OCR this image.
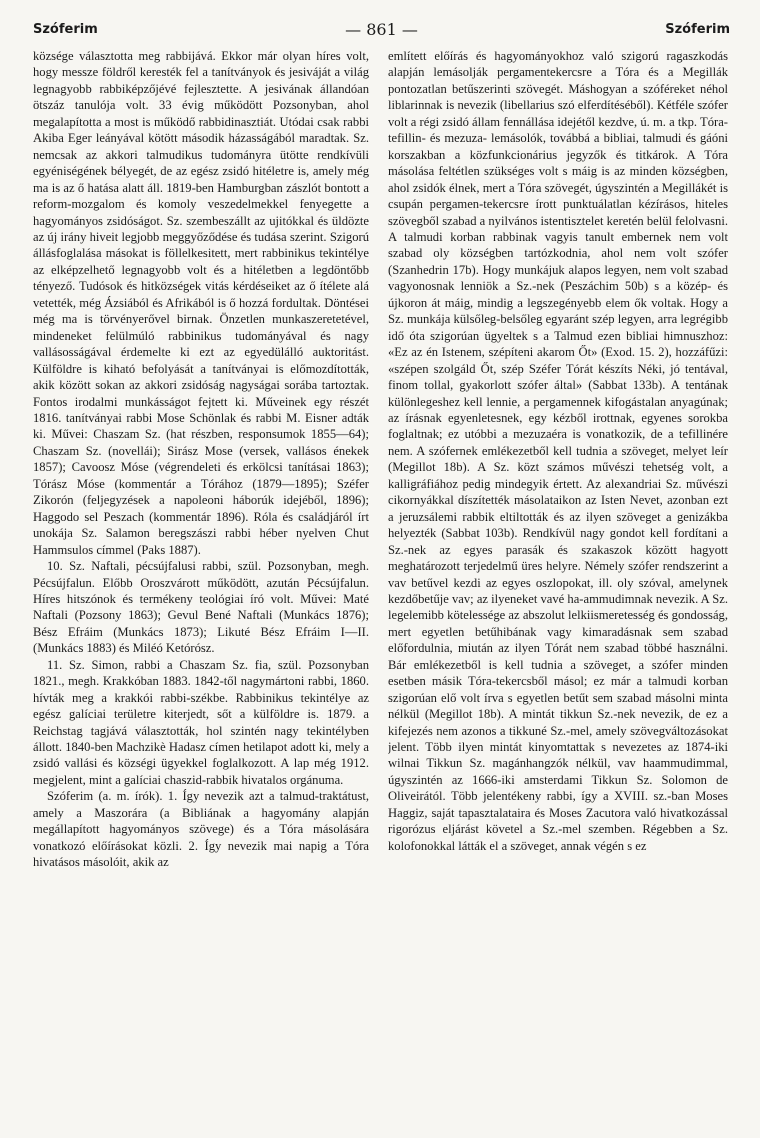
Szóferim	— 861 —	Szóferim

községe választotta meg rabbijává. Ekkor már olyan híres volt, hogy messze földről keresték fel a tanítványok és jesiváját a világ legnagyobb rabbiképzőjévé fejlesztette. A jesivának állandóan ötszáz tanulója volt. 33 évig működött Pozsonyban, ahol megalapította a most is működő rabbidinasztiát. Utódai csak rabbi Akiba Eger leányával kötött második házasságából maradtak. Sz. nemcsak az akkori talmudikus tudományra ütötte rendkívüli egyéniségének bélyegét, de az egész zsidó hitéletre is, amely még ma is az ő hatása alatt áll. 1819-ben Hamburgban zászlót bontott a reform-mozgalom és komoly veszedelmekkel fenyegette a hagyományos zsidóságot. Sz. szembeszállt az ujitókkal és üldözte az új irány hiveit legjobb meggyőződése és tudása szerint. Szigorú állásfoglalása másokat is föllelkesitett, mert rabbinikus tekintélye az elképzelhető legnagyobb volt és a hitéletben a legdöntőbb tényező. Tudósok és hitközségek vitás kérdéseiket az ő ítélete alá vetették, még Ázsiából és Afrikából is ő hozzá fordultak. Döntései még ma is törvényerővel birnak. Önzetlen munkaszeretetével, mindeneket felülmúló rabbinikus tudományával és nagy vallásosságával érdemelte ki ezt az egyedülálló auktoritást. Külföldre is kiható befolyását a tanítványai is előmozdították, akik között sokan az akkori zsidóság nagyságai sorába tartoztak. Fontos irodalmi munkásságot fejtett ki. Műveinek egy részét 1816. tanítványai rabbi Mose Schönlak és rabbi M. Eisner adták ki. Művei: Chaszam Sz. (hat részben, responsumok 1855—64); Chaszam Sz. (novellái); Sirász Mose (versek, vallásos énekek 1857); Cavoosz Móse (végrendeleti és erkölcsi tanításai 1863); Tórász Móse (kommentár a Tórához (1879—1895); Széfer Zikorón (feljegyzések a napoleoni háborúk idejéből, 1896); Haggodo sel Peszach (kommentár 1896). Róla és családjáról írt unokája Sz. Salamon beregszászi rabbi héber nyelven Chut Hammsulos címmel (Paks 1887).

10. Sz. Naftali, pécsújfalusi rabbi, szül. Pozsonyban, megh. Pécsújfalun. Előbb Oroszvárott működött, azután Pécsújfalun. Híres hitszónok és termékeny teológiai író volt. Művei: Maté Naftali (Pozsony 1863); Gevul Bené Naftali (Munkács 1876); Bész Efráim (Munkács 1873); Likuté Bész Efráim I—II. (Munkács 1883) és Miléó Ketórósz.

11. Sz. Simon, rabbi a Chaszam Sz. fia, szül. Pozsonyban 1821., megh. Krakkóban 1883. 1842-től nagymártoni rabbi, 1860. hívták meg a krakkói rabbi-székbe. Rabbinikus tekintélye az egész galíciai területre kiterjedt, sőt a külföldre is. 1879. a Reichstag tagjává választották, hol szintén nagy tekintélyben állott. 1840-ben Machzikè Hadasz címen hetilapot adott ki, mely a zsidó vallási és községi ügyekkel foglalkozott. A lap még 1912. megjelent, mint a galíciai chaszid-rabbik hivatalos orgánuma.

Szóferim (a. m. írók). 1. Így nevezik azt a talmud-traktátust, amely a Maszorára (a Bibliának a hagyomány alapján megállapított hagyományos szövege) és a Tóra másolására vonatkozó előírásokat közli. 2. Így nevezik mai napig a Tóra hivatásos másolóit, akik az

említett előírás és hagyományokhoz való szigorú ragaszkodás alapján lemásolják pergamentekercsre a Tóra és a Megillák pontozatlan betűszerinti szövegét. Máshogyan a szóféreket néhol liblarinnak is nevezik (libellarius szó elferdítéséből). Kétféle szófer volt a régi zsidó állam fennállása idejétől kezdve, ú. m. a tkp. Tóra-tefillin- és mezuza- lemásolók, továbbá a bibliai, talmudi és gáóni korszakban a közfunkcionárius jegyzők és titkárok. A Tóra másolása feltétlen szükséges volt s máig is az minden községben, ahol zsidók élnek, mert a Tóra szövegét, úgyszintén a Megillákét is csupán pergamen-tekercsre írott punktuálatlan kézírásos, hiteles szövegből szabad a nyilvános istentisztelet keretén belül felolvasni. A talmudi korban rabbinak vagyis tanult embernek nem volt szabad oly községben tartózkodnia, ahol nem volt szófer (Szanhedrin 17b). Hogy munkájuk alapos legyen, nem volt szabad vagyonosnak lenniök a Sz.-nek (Peszáchim 50b) s a közép- és újkoron át máig, mindig a legszegényebb elem ők voltak. Hogy a Sz. munkája külsőleg-belsőleg egyaránt szép legyen, arra legrégibb idő óta szigorúan ügyeltek s a Talmud ezen bibliai himnuszhoz: «Ez az én Istenem, szépíteni akarom Őt» (Exod. 15. 2), hozzáfűzi: «szépen szolgáld Őt, szép Széfer Tórát készíts Néki, jó tentával, finom tollal, gyakorlott szófer által» (Sabbat 133b). A tentának különlegeshez kell lennie, a pergamennek kifogástalan anyagúnak; az írásnak egyenletesnek, egy kézből irottnak, egyenes sorokba foglaltnak; ez utóbbi a mezuzaéra is vonatkozik, de a tefillinére nem. A szófernek emlékezetből kell tudnia a szöveget, melyet leír (Megillot 18b). A Sz. közt számos művészi tehetség volt, a kalligráfiához pedig mindegyik értett. Az alexandriai Sz. művészi cikornyákkal díszítették másolataikon az Isten Nevet, azonban ezt a jeruzsálemi rabbik eltiltották és az ilyen szöveget a genizákba helyezték (Sabbat 103b). Rendkívül nagy gondot kell fordítani a Sz.-nek az egyes parasák és szakaszok között hagyott meghatározott terjedelmű üres helyre. Némely szófer rendszerint a vav betűvel kezdi az egyes oszlopokat, ill. oly szóval, amelynek kezdőbetűje vav; az ilyeneket vavé ha-ammudimnak nevezik. A Sz. legelemibb kötelessége az abszolut lelkiismeretesség és gondosság, mert egyetlen betűhibának vagy kimaradásnak sem szabad előfordulnia, miután az ilyen Tórát nem szabad többé használni. Bár emlékezetből is kell tudnia a szöveget, a szófer minden esetben másik Tóra-tekercsből másol; ez már a talmudi korban szigorúan elő volt írva s egyetlen betűt sem szabad másolni minta nélkül (Megillot 18b). A mintát tikkun Sz.-nek nevezik, de ez a kifejezés nem azonos a tikkuné Sz.-mel, amely szövegváltozásokat jelent. Több ilyen mintát kinyomtattak s nevezetes az 1874-iki wilnai Tikkun Sz. magánhangzók nélkül, vav haammudimmal, úgyszintén az 1666-iki amsterdami Tikkun Sz. Solomon de Oliveirától. Több jelentékeny rabbi, így a XVIII. sz.-ban Moses Haggiz, saját tapasztalataira és Moses Zacutora való hivatkozással rigorózus eljárást követel a Sz.-mel szemben. Régebben a Sz. kolofonokkal látták el a szöveget, annak végén s ez
